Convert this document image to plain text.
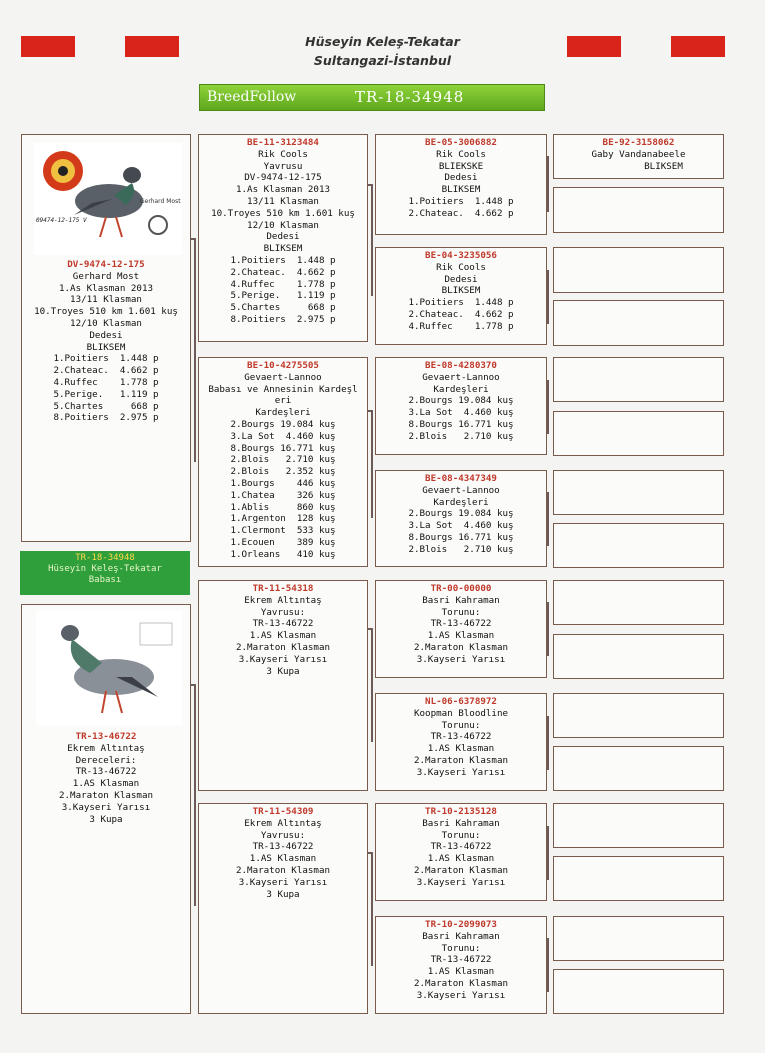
Hüseyin Keleş-Tekatar
Sultangazi-İstanbul
BreedFollow	TR-18-34948
Gerhard Most
09474-12-175 V
DV-9474-12-175
Gerhard Most
1.As Klasman 2013
13/11 Klasman
10.Troyes 510 km 1.601 kuş
12/10 Klasman
Dedesi
BLIKSEM
1.Poitiers  1.448 p
2.Chateac.  4.662 p
4.Ruffec    1.778 p
5.Perige.   1.119 p
5.Chartes     668 p
8.Poitiers  2.975 p
TR-18-34948
Hüseyin Keleş-Tekatar
Babası
TR-13-46722
Ekrem Altıntaş
Dereceleri:
TR-13-46722
1.AS Klasman
2.Maraton Klasman
3.Kayseri Yarısı
3 Kupa
BE-11-3123484
Rik Cools
Yavrusu
DV-9474-12-175
1.As Klasman 2013
13/11 Klasman
10.Troyes 510 km 1.601 kuş
12/10 Klasman
Dedesi
BLIKSEM
1.Poitiers  1.448 p
2.Chateac.  4.662 p
4.Ruffec    1.778 p
5.Perige.   1.119 p
5.Chartes     668 p
8.Poitiers  2.975 p
BE-10-4275505
Gevaert-Lannoo
Babası ve Annesinin Kardeşl
eri
Kardeşleri
2.Bourgs 19.084 kuş
3.La Sot  4.460 kuş
8.Bourgs 16.771 kuş
2.Blois   2.710 kuş
2.Blois   2.352 kuş
1.Bourgs    446 kuş
1.Chatea    326 kuş
1.Ablis     860 kuş
1.Argenton  128 kuş
1.Clermont  533 kuş
1.Ecouen    389 kuş
1.Orleans   410 kuş
TR-11-54318
Ekrem Altıntaş
Yavrusu:
TR-13-46722
1.AS Klasman
2.Maraton Klasman
3.Kayseri Yarısı
3 Kupa
TR-11-54309
Ekrem Altıntaş
Yavrusu:
TR-13-46722
1.AS Klasman
2.Maraton Klasman
3.Kayseri Yarısı
3 Kupa
BE-05-3006882
Rik Cools
BLIEKSKE
Dedesi
BLIKSEM
1.Poitiers  1.448 p
2.Chateac.  4.662 p
BE-04-3235056
Rik Cools
Dedesi
BLIKSEM
1.Poitiers  1.448 p
2.Chateac.  4.662 p
4.Ruffec    1.778 p
BE-08-4280370
Gevaert-Lannoo
Kardeşleri
2.Bourgs 19.084 kuş
3.La Sot  4.460 kuş
8.Bourgs 16.771 kuş
2.Blois   2.710 kuş
BE-08-4347349
Gevaert-Lannoo
Kardeşleri
2.Bourgs 19.084 kuş
3.La Sot  4.460 kuş
8.Bourgs 16.771 kuş
2.Blois   2.710 kuş
TR-00-00000
Basri Kahraman
Torunu:
TR-13-46722
1.AS Klasman
2.Maraton Klasman
3.Kayseri Yarısı
NL-06-6378972
Koopman Bloodline
Torunu:
TR-13-46722
1.AS Klasman
2.Maraton Klasman
3.Kayseri Yarısı
TR-10-2135128
Basri Kahraman
Torunu:
TR-13-46722
1.AS Klasman
2.Maraton Klasman
3.Kayseri Yarısı
TR-10-2099073
Basri Kahraman
Torunu:
TR-13-46722
1.AS Klasman
2.Maraton Klasman
3.Kayseri Yarısı
BE-92-3158062
Gaby Vandanabeele
BLIKSEM
